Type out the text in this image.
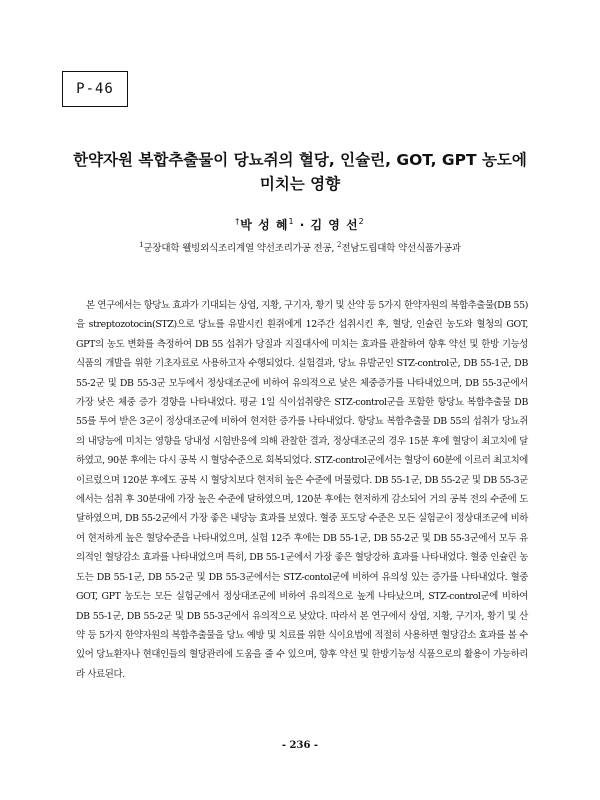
P-46
한약자원 복합추출물이 당뇨쥐의 혈당, 인슐린, GOT, GPT 농도에
미치는 영향
†박 성 혜$^1$ · 김 영 선$^2$
$^1$군장대학 웰빙외식조리계열 약선조리가공 전공, $^2$전남도립대학 약선식품가공과

본 연구에서는 항당뇨 효과가 기대되는 상엽, 지황, 구기자, 황기 및 산약 등 5가지 한약자원의 복합추출물(DB 55)을 streptozotocin(STZ)으로 당뇨를 유발시킨 흰쥐에게 12주간 섭취시킨 후, 혈당, 인슐린 농도와 혈청의 GOT, GPT의 농도 변화를 측정하여 DB 55 섭취가 당질과 지질대사에 미치는 효과를 관찰하여 향후 약선 및 한방 기능성 식품의 개발을 위한 기초자료로 사용하고자 수행되었다. 실험결과, 당뇨 유발군인 STZ-control군, DB 55-1군, DB 55-2군 및 DB 55-3군 모두에서 정상대조군에 비하여 유의적으로 낮은 체중증가를 나타내었으며, DB 55-3군에서 가장 낮은 체중 증가 경향을 나타내었다. 평균 1일 식이섭취량은 STZ-control군을 포함한 항당뇨 복합추출물 DB 55를 투여 받은 3군이 정상대조군에 비하여 현저한 증가를 나타내었다. 항당뇨 복합추출물 DB 55의 섭취가 당뇨쥐의 내당능에 미치는 영향을 당내성 시험반응에 의해 관찰한 결과, 정상대조군의 경우 15분 후에 혈당이 최고치에 달하였고, 90분 후에는 다시 공복 시 혈당수준으로 회복되었다. STZ-control군에서는 혈당이 60분에 이르러 최고치에 이르렀으며 120분 후에도 공복 시 혈당치보다 현저히 높은 수준에 머물렀다. DB 55-1군, DB 55-2군 및 DB 55-3군에서는 섭취 후 30분대에 가장 높은 수준에 달하였으며, 120분 후에는 현저하게 감소되어 거의 공복 전의 수준에 도달하였으며, DB 55-2군에서 가장 좋은 내당능 효과를 보였다. 혈중 포도당 수준은 모든 실험군이 정상대조군에 비하여 현저하게 높은 혈당수준을 나타내었으며, 실험 12주 후에는 DB 55-1군, DB 55-2군 및 DB 55-3군에서 모두 유의적인 혈당감소 효과를 나타내었으며 특히, DB 55-1군에서 가장 좋은 혈당강하 효과를 나타내었다. 혈중 인슐린 농도는 DB 55-1군, DB 55-2군 및 DB 55-3군에서는 STZ-contol군에 비하여 유의성 있는 증가를 나타내었다. 혈중 GOT, GPT 농도는 모든 실험군에서 정상대조군에 비하여 유의적으로 높게 나타났으며, STZ-control군에 비하여 DB 55-1군, DB 55-2군 및 DB 55-3군에서 유의적으로 낮았다. 따라서 본 연구에서 상엽, 지황, 구기자, 황기 및 산약 등 5가지 한약자원의 복합추출물을 당뇨 예방 및 치료를 위한 식이요법에 적절히 사용하면 혈당감소 효과를 볼 수 있어 당뇨환자나 현대인들의 혈당관리에 도움을 줄 수 있으며, 향후 약선 및 한방기능성 식품으로의 활용이 가능하리라 사료된다.

- 236 -
